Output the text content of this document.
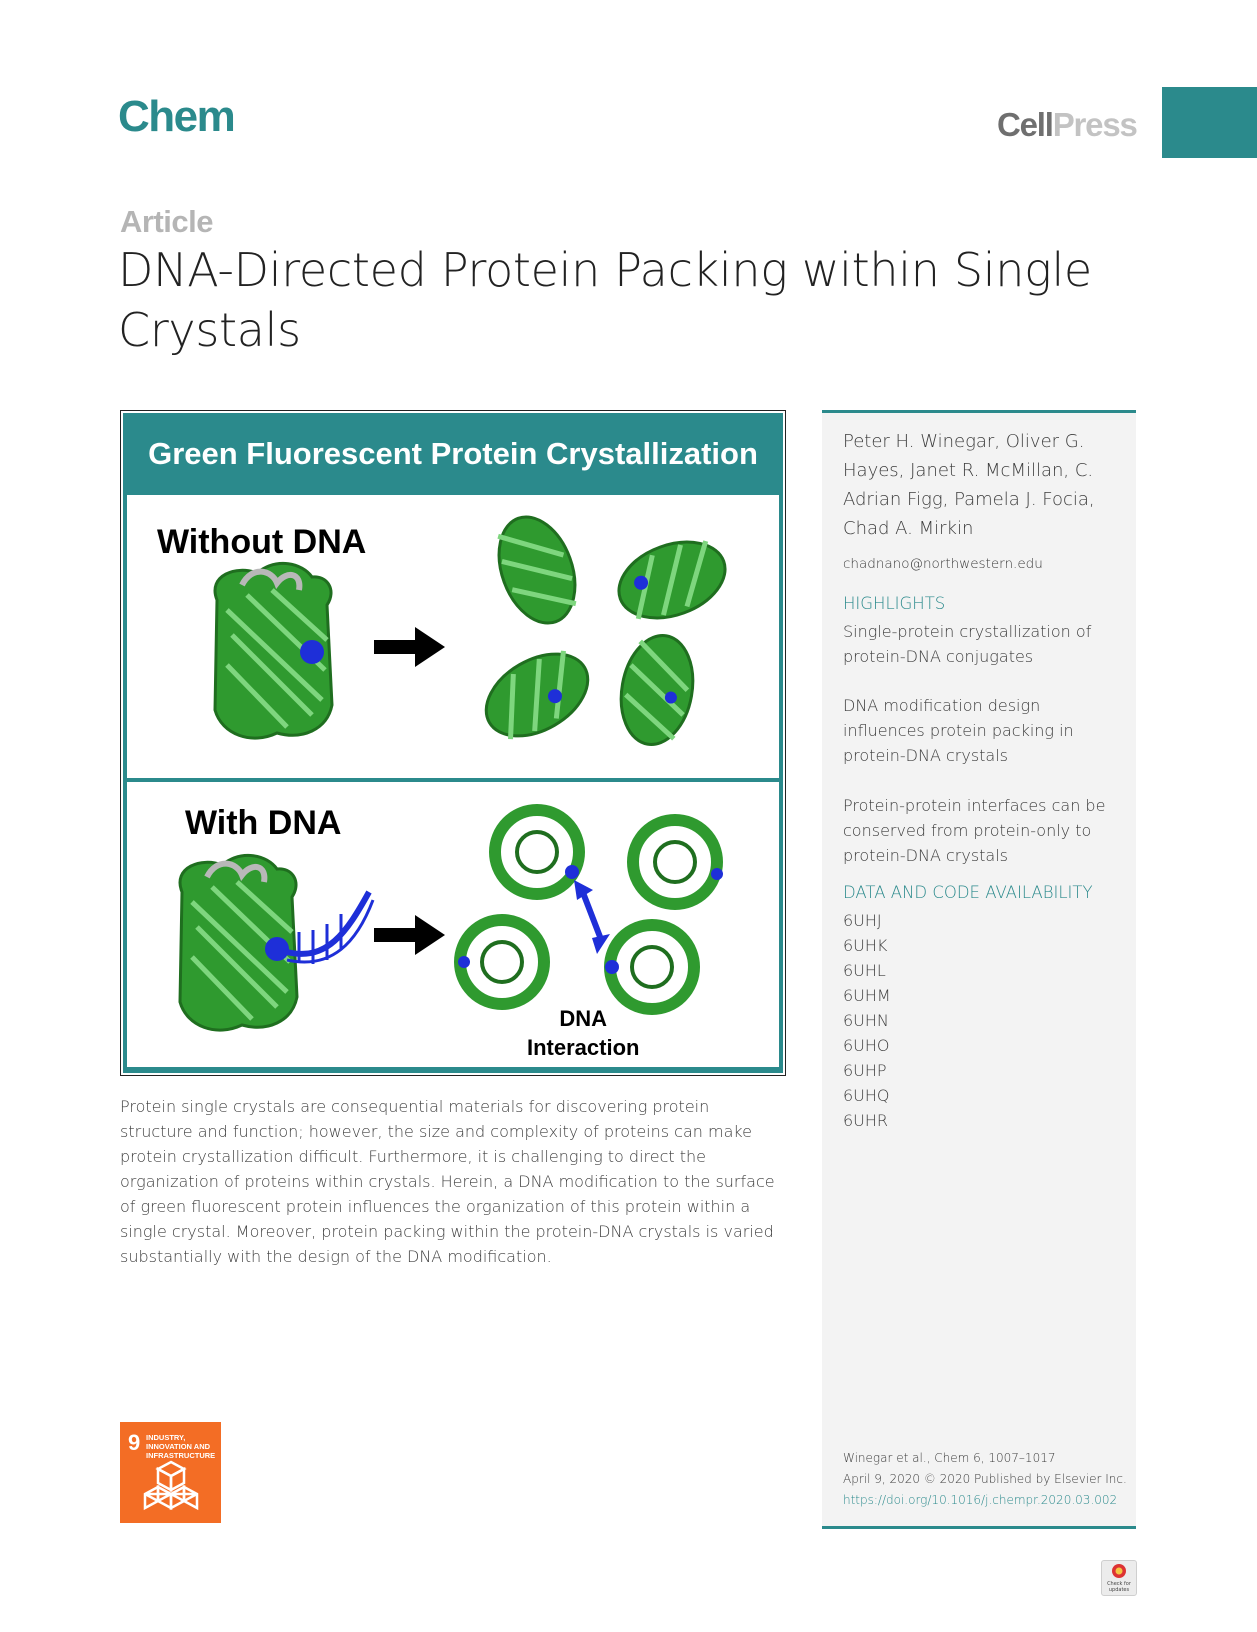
Chem	CellPress
Article
DNA-Directed Protein Packing within Single Crystals
Green Fluorescent Protein Crystallization
Without DNA
With DNA
DNA
Interaction
Protein single crystals are consequential materials for discovering protein structure and function; however, the size and complexity of proteins can make protein crystallization difficult. Furthermore, it is challenging to direct the organization of proteins within crystals. Herein, a DNA modification to the surface of green fluorescent protein influences the organization of this protein within a single crystal. Moreover, protein packing within the protein-DNA crystals is varied substantially with the design of the DNA modification.
Peter H. Winegar, Oliver G. Hayes, Janet R. McMillan, C. Adrian Figg, Pamela J. Focia, Chad A. Mirkin
chadnano@northwestern.edu
HIGHLIGHTS
Single-protein crystallization of protein-DNA conjugates
DNA modification design influences protein packing in protein-DNA crystals
Protein-protein interfaces can be conserved from protein-only to protein-DNA crystals
DATA AND CODE AVAILABILITY
6UHJ
6UHK
6UHL
6UHM
6UHN
6UHO
6UHP
6UHQ
6UHR
Winegar et al., Chem 6, 1007–1017
April 9, 2020 © 2020 Published by Elsevier Inc.
https://doi.org/10.1016/j.chempr.2020.03.002
9 INDUSTRY, INNOVATION AND INFRASTRUCTURE
Check for updates
